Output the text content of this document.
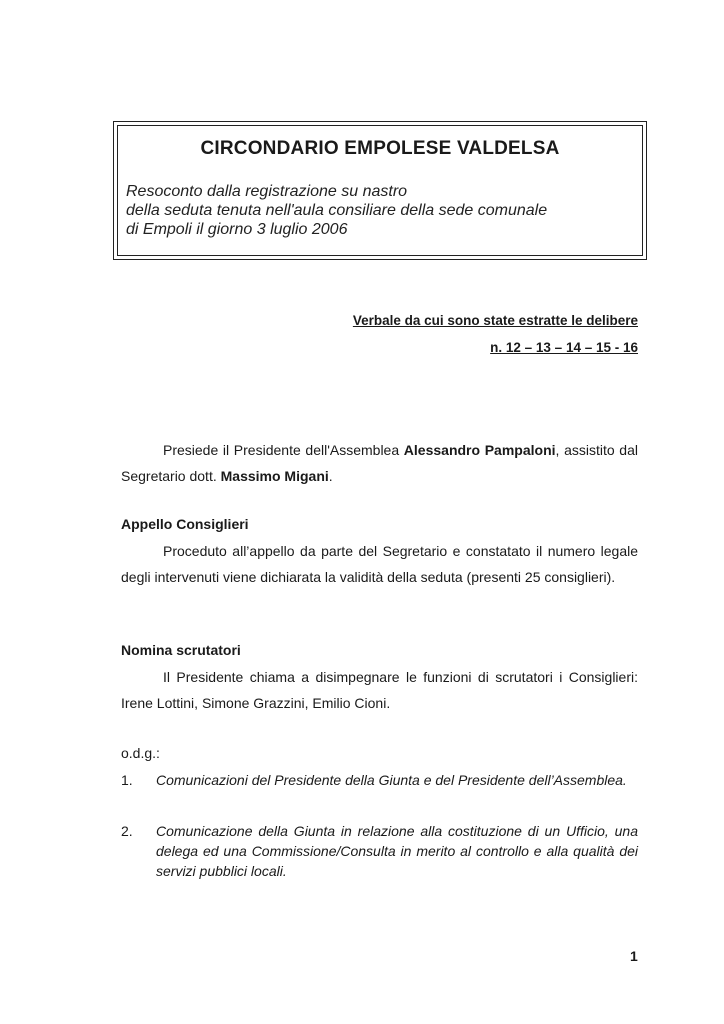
CIRCONDARIO EMPOLESE VALDELSA
Resoconto dalla registrazione su nastro
della seduta tenuta nell'aula consiliare della sede comunale
di Empoli il giorno 3 luglio 2006
Verbale da cui sono state estratte le delibere
n. 12 – 13 – 14 – 15 - 16
Presiede il Presidente dell'Assemblea Alessandro Pampaloni, assistito dal Segretario dott. Massimo Migani.
Appello Consiglieri
Proceduto all’appello da parte del Segretario e constatato il numero legale degli intervenuti viene dichiarata la validità della seduta (presenti 25 consiglieri).
Nomina scrutatori
Il Presidente chiama a disimpegnare le funzioni di scrutatori i Consiglieri: Irene Lottini, Simone Grazzini, Emilio Cioni.
o.d.g.:
1. Comunicazioni del Presidente della Giunta e del Presidente dell’Assemblea.
2. Comunicazione della Giunta in relazione alla costituzione di un Ufficio, una delega ed una Commissione/Consulta in merito al controllo e alla qualità dei servizi pubblici locali.
1
